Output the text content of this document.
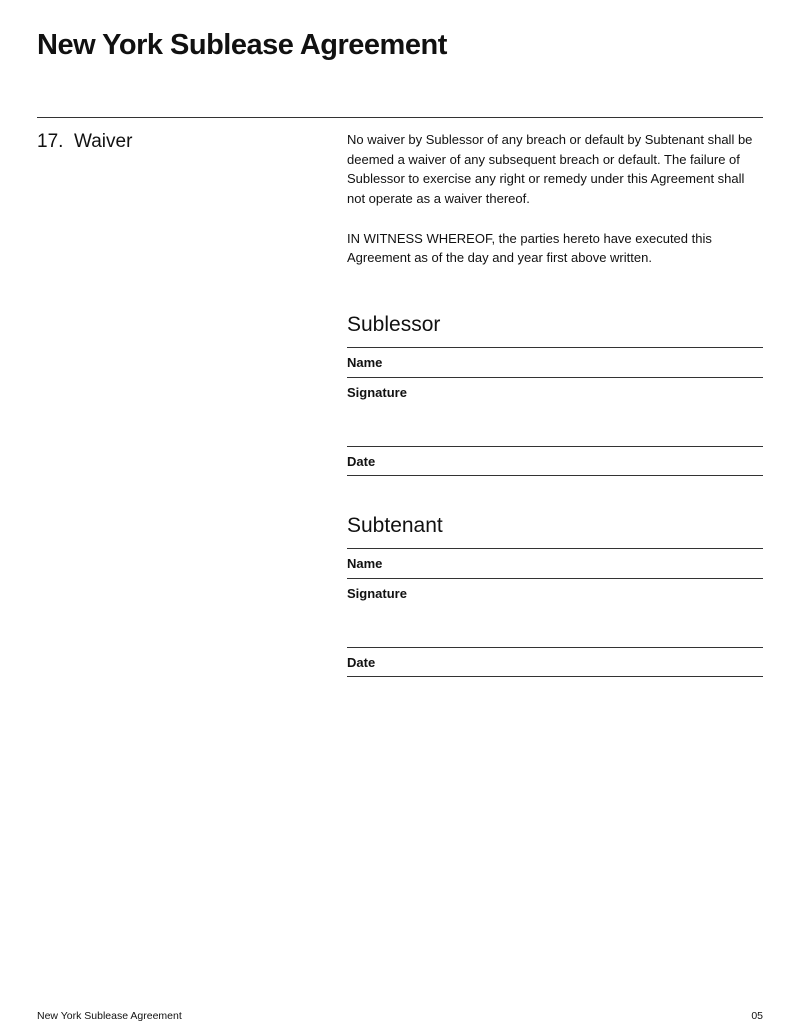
New York Sublease Agreement
17. Waiver	No waiver by Sublessor of any breach or default by Subtenant shall be deemed a waiver of any subsequent breach or default. The failure of Sublessor to exercise any right or remedy under this Agreement shall not operate as a waiver thereof.

IN WITNESS WHEREOF, the parties hereto have executed this Agreement as of the day and year first above written.

Sublessor
Name
Signature
Date
Subtenant
Name
Signature
Date
New York Sublease Agreement	05
